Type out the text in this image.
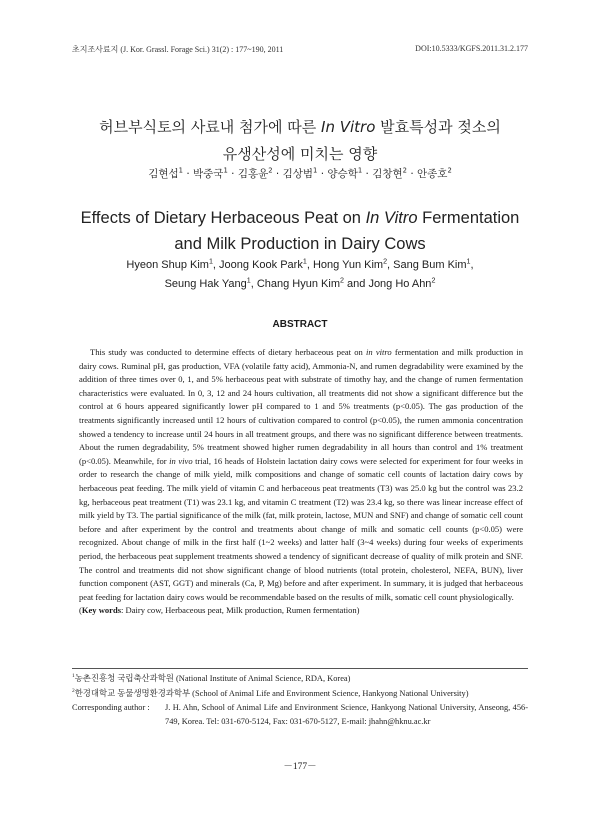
초지조사료지 (J. Kor. Grassl. Forage Sci.) 31(2) : 177~190, 2011	DOI:10.5333/KGFS.2011.31.2.177
허브부식토의 사료내 첨가에 따른 In Vitro 발효특성과 젖소의
유생산성에 미치는 영향
김현섭$^1$ · 박중국$^1$ · 김홍윤$^2$ · 김상범$^1$ · 양승학$^1$ · 김창현$^2$ · 안종호$^2$
Effects of Dietary Herbaceous Peat on In Vitro Fermentation
and Milk Production in Dairy Cows
Hyeon Shup Kim$^1$, Joong Kook Park$^1$, Hong Yun Kim$^2$, Sang Bum Kim$^1$,
Seung Hak Yang$^1$, Chang Hyun Kim$^2$ and Jong Ho Ahn$^2$
ABSTRACT

This study was conducted to determine effects of dietary herbaceous peat on in vitro fermentation and milk production in dairy cows. Ruminal pH, gas production, VFA (volatile fatty acid), Ammonia-N, and rumen degradability were examined by the addition of three times over 0, 1, and 5% herbaceous peat with substrate of timothy hay, and the change of rumen fermentation characteristics were evaluated. In 0, 3, 12 and 24 hours cultivation, all treatments did not show a significant difference but the control at 6 hours appeared significantly lower pH compared to 1 and 5% treatments (p<0.05). The gas production of the treatments significantly increased until 12 hours of cultivation compared to control (p<0.05), the rumen ammonia concentration showed a tendency to increase until 24 hours in all treatment groups, and there was no significant difference between treatments. About the rumen degradability, 5% treatment showed higher rumen degradability in all hours than control and 1% treatment (p<0.05). Meanwhile, for in vivo trial, 16 heads of Holstein lactation dairy cows were selected for experiment for four weeks in order to research the change of milk yield, milk compositions and change of somatic cell counts of lactation dairy cows by herbaceous peat feeding. The milk yield of vitamin C and herbaceous peat treatments (T3) was 25.0 kg but the control was 23.2 kg, herbaceous peat treatment (T1) was 23.1 kg, and vitamin C treatment (T2) was 23.4 kg, so there was linear increase effect of milk yield by T3. The partial significance of the milk (fat, milk protein, lactose, MUN and SNF) and change of somatic cell count before and after experiment by the control and treatments about change of milk and somatic cell counts (p<0.05) were recognized. About change of milk in the first half (1~2 weeks) and latter half (3~4 weeks) during four weeks of experiments period, the herbaceous peat supplement treatments showed a tendency of significant decrease of quality of milk protein and SNF. The control and treatments did not show significant change of blood nutrients (total protein, cholesterol, NEFA, BUN), liver function component (AST, GGT) and minerals (Ca, P, Mg) before and after experiment. In summary, it is judged that herbaceous peat feeding for lactation dairy cows would be recommendable based on the results of milk, somatic cell count physiologically.

(Key words: Dairy cow, Herbaceous peat, Milk production, Rumen fermentation)
$^1$농촌진흥청 국립축산과학원 (National Institute of Animal Science, RDA, Korea)
$^2$한경대학교 동물생명환경과학부 (School of Animal Life and Environment Science, Hankyong National University)
Corresponding author :	J. H. Ahn, School of Animal Life and Environment Science, Hankyong National University, Anseong, 456-749, Korea. Tel: 031-670-5124, Fax: 031-670-5127, E-mail: jhahn@hknu.ac.kr
－177－
